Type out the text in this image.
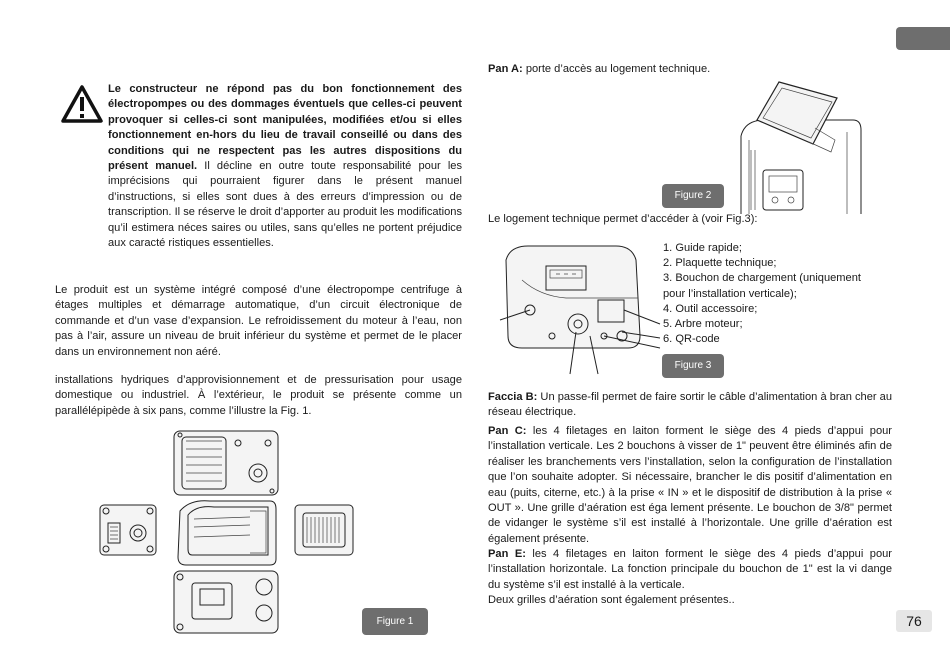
Le constructeur ne répond pas du bon fonctionnement des électropompes ou des dommages éventuels que celles-ci peuvent provoquer si celles-ci sont manipulées, modifiées et/ou si elles fonctionnement en-hors du lieu de travail conseillé ou dans des conditions qui ne respectent pas les autres dispositions du présent manuel. Il décline en outre toute responsabilité pour les imprécisions qui pourraient figurer dans le présent manuel d’instructions, si elles sont dues à des erreurs d’impression ou de transcription. Il se réserve le droit d’apporter au produit les modifications qu’il estimera néces saires ou utiles, sans qu’elles ne portent préjudice aux caracté ristiques essentielles.
Le produit est un système intégré composé d’une électropompe centrifuge à étages multiples et démarrage automatique, d’un circuit électronique de commande et d’un vase d’expansion. Le refroidissement du moteur à l’eau, non pas à l’air, assure un niveau de bruit inférieur du système et permet de le placer dans un environnement non aéré.
installations hydriques d’approvisionnement et de pressurisation pour usage domestique ou industriel. À l’extérieur, le produit se présente comme un parallélépipède à six pans, comme l’illustre la Fig. 1.
Figure 1
Pan A: porte d’accès au logement technique.
Figure 2
Le logement technique permet d’accéder à (voir Fig.3):
1. Guide rapide;
2. Plaquette technique;
3. Bouchon de chargement (uniquement
pour l’installation verticale);
4. Outil accessoire;
5. Arbre moteur;
6. QR-code
Figure 3
Faccia B: Un passe-fil permet de faire sortir le câble d’alimentation à bran cher au réseau électrique.
Pan C: les 4 filetages en laiton forment le siège des 4 pieds d’appui pour l’installation verticale. Les 2 bouchons à visser de 1" peuvent être éliminés afin de réaliser les branchements vers l’installation, selon la configuration de l’installation que l’on souhaite adopter. Si nécessaire, brancher le dis positif d’alimentation en eau (puits, citerne, etc.) à la prise « IN » et le dispositif de distribution à la prise « OUT ». Une grille d’aération est éga lement présente. Le bouchon de 3/8" permet de vidanger le système s’il est installé à l’horizontale. Une grille d’aération est également présente.
Pan E: les 4 filetages en laiton forment le siège des 4 pieds d’appui pour l’installation horizontale. La fonction principale du bouchon de 1" est la vi dange du système s’il est installé à la verticale.
Deux grilles d’aération sont également présentes..
76
